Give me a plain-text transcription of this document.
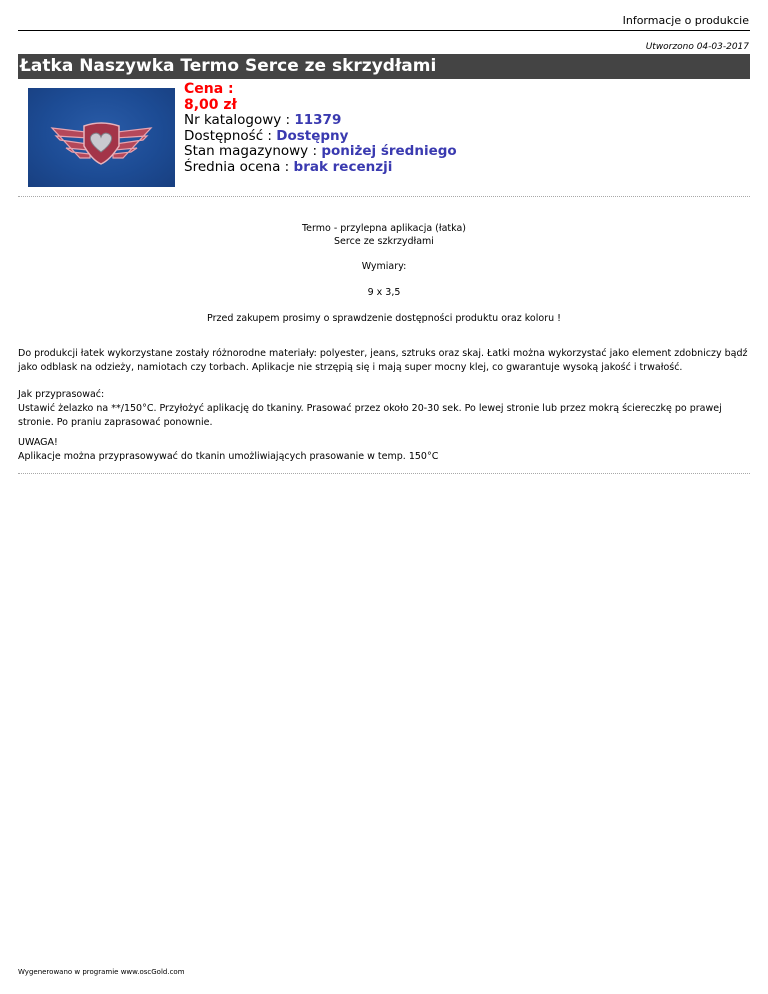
Informacje o produkcie
Utworzono 04-03-2017
Łatka Naszywka Termo Serce ze skrzydłami
Cena :
8,00 zł
Nr katalogowy : 11379
Dostępność : Dostępny
Stan magazynowy : poniżej średniego
Średnia ocena : brak recenzji
Termo - przylepna aplikacja (łatka)
Serce ze szkrzydłami
Wymiary:
9 x 3,5
Przed zakupem prosimy o sprawdzenie dostępności produktu oraz koloru !
Do produkcji łatek wykorzystane zostały różnorodne materiały: polyester, jeans, sztruks oraz skaj. Łatki można wykorzystać jako element zdobniczy bądź jako odblask na odzieży, namiotach czy torbach. Aplikacje nie strzępią się i mają super mocny klej, co gwarantuje wysoką jakość i trwałość.
Jak przyprasować:
Ustawić żelazko na **/150°C. Przyłożyć aplikację do tkaniny. Prasować przez około 20-30 sek. Po lewej stronie lub przez mokrą ściereczkę po prawej stronie. Po praniu zaprasować ponownie.
UWAGA!
Aplikacje można przyprasowywać do tkanin umożliwiających prasowanie w temp. 150°C
Wygenerowano w programie www.oscGold.com
